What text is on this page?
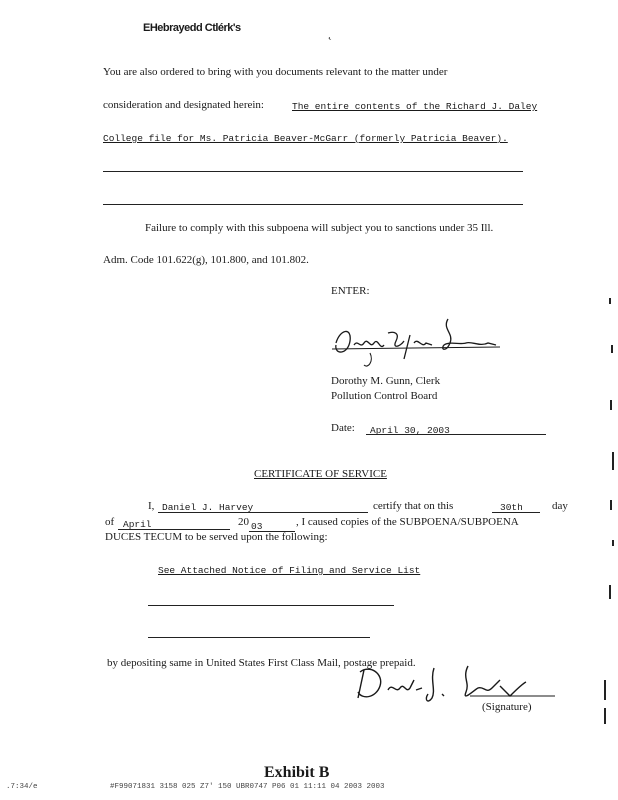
EHebrayedd Ctlérk's	˛
You are also ordered to bring with you documents relevant to the matter under
consideration and designated herein:	The entire contents of the Richard J. Daley
College file for Ms. Patricia Beaver-McGarr (formerly Patricia Beaver).
Failure to comply with this subpoena will subject you to sanctions under 35 Ill.
Adm. Code 101.622(g), 101.800, and 101.802.
ENTER:
Dorothy M. Gunn, Clerk
Pollution Control Board
Date: April 30, 2003
CERTIFICATE OF SERVICE
I, Daniel J. Harvey	certify that on this	30th	day
of April	20 03	, I caused copies of the SUBPOENA/SUBPOENA
DUCES TECUM to be served upon the following:
See Attached Notice of Filing and Service List
by depositing same in United States First Class Mail, postage prepaid.
(Signature)
Exhibit B
.7:34/e	#F99071831 3158 025 Z7' 150 UBR0747 P06 01 11:11 04 2003 2003
